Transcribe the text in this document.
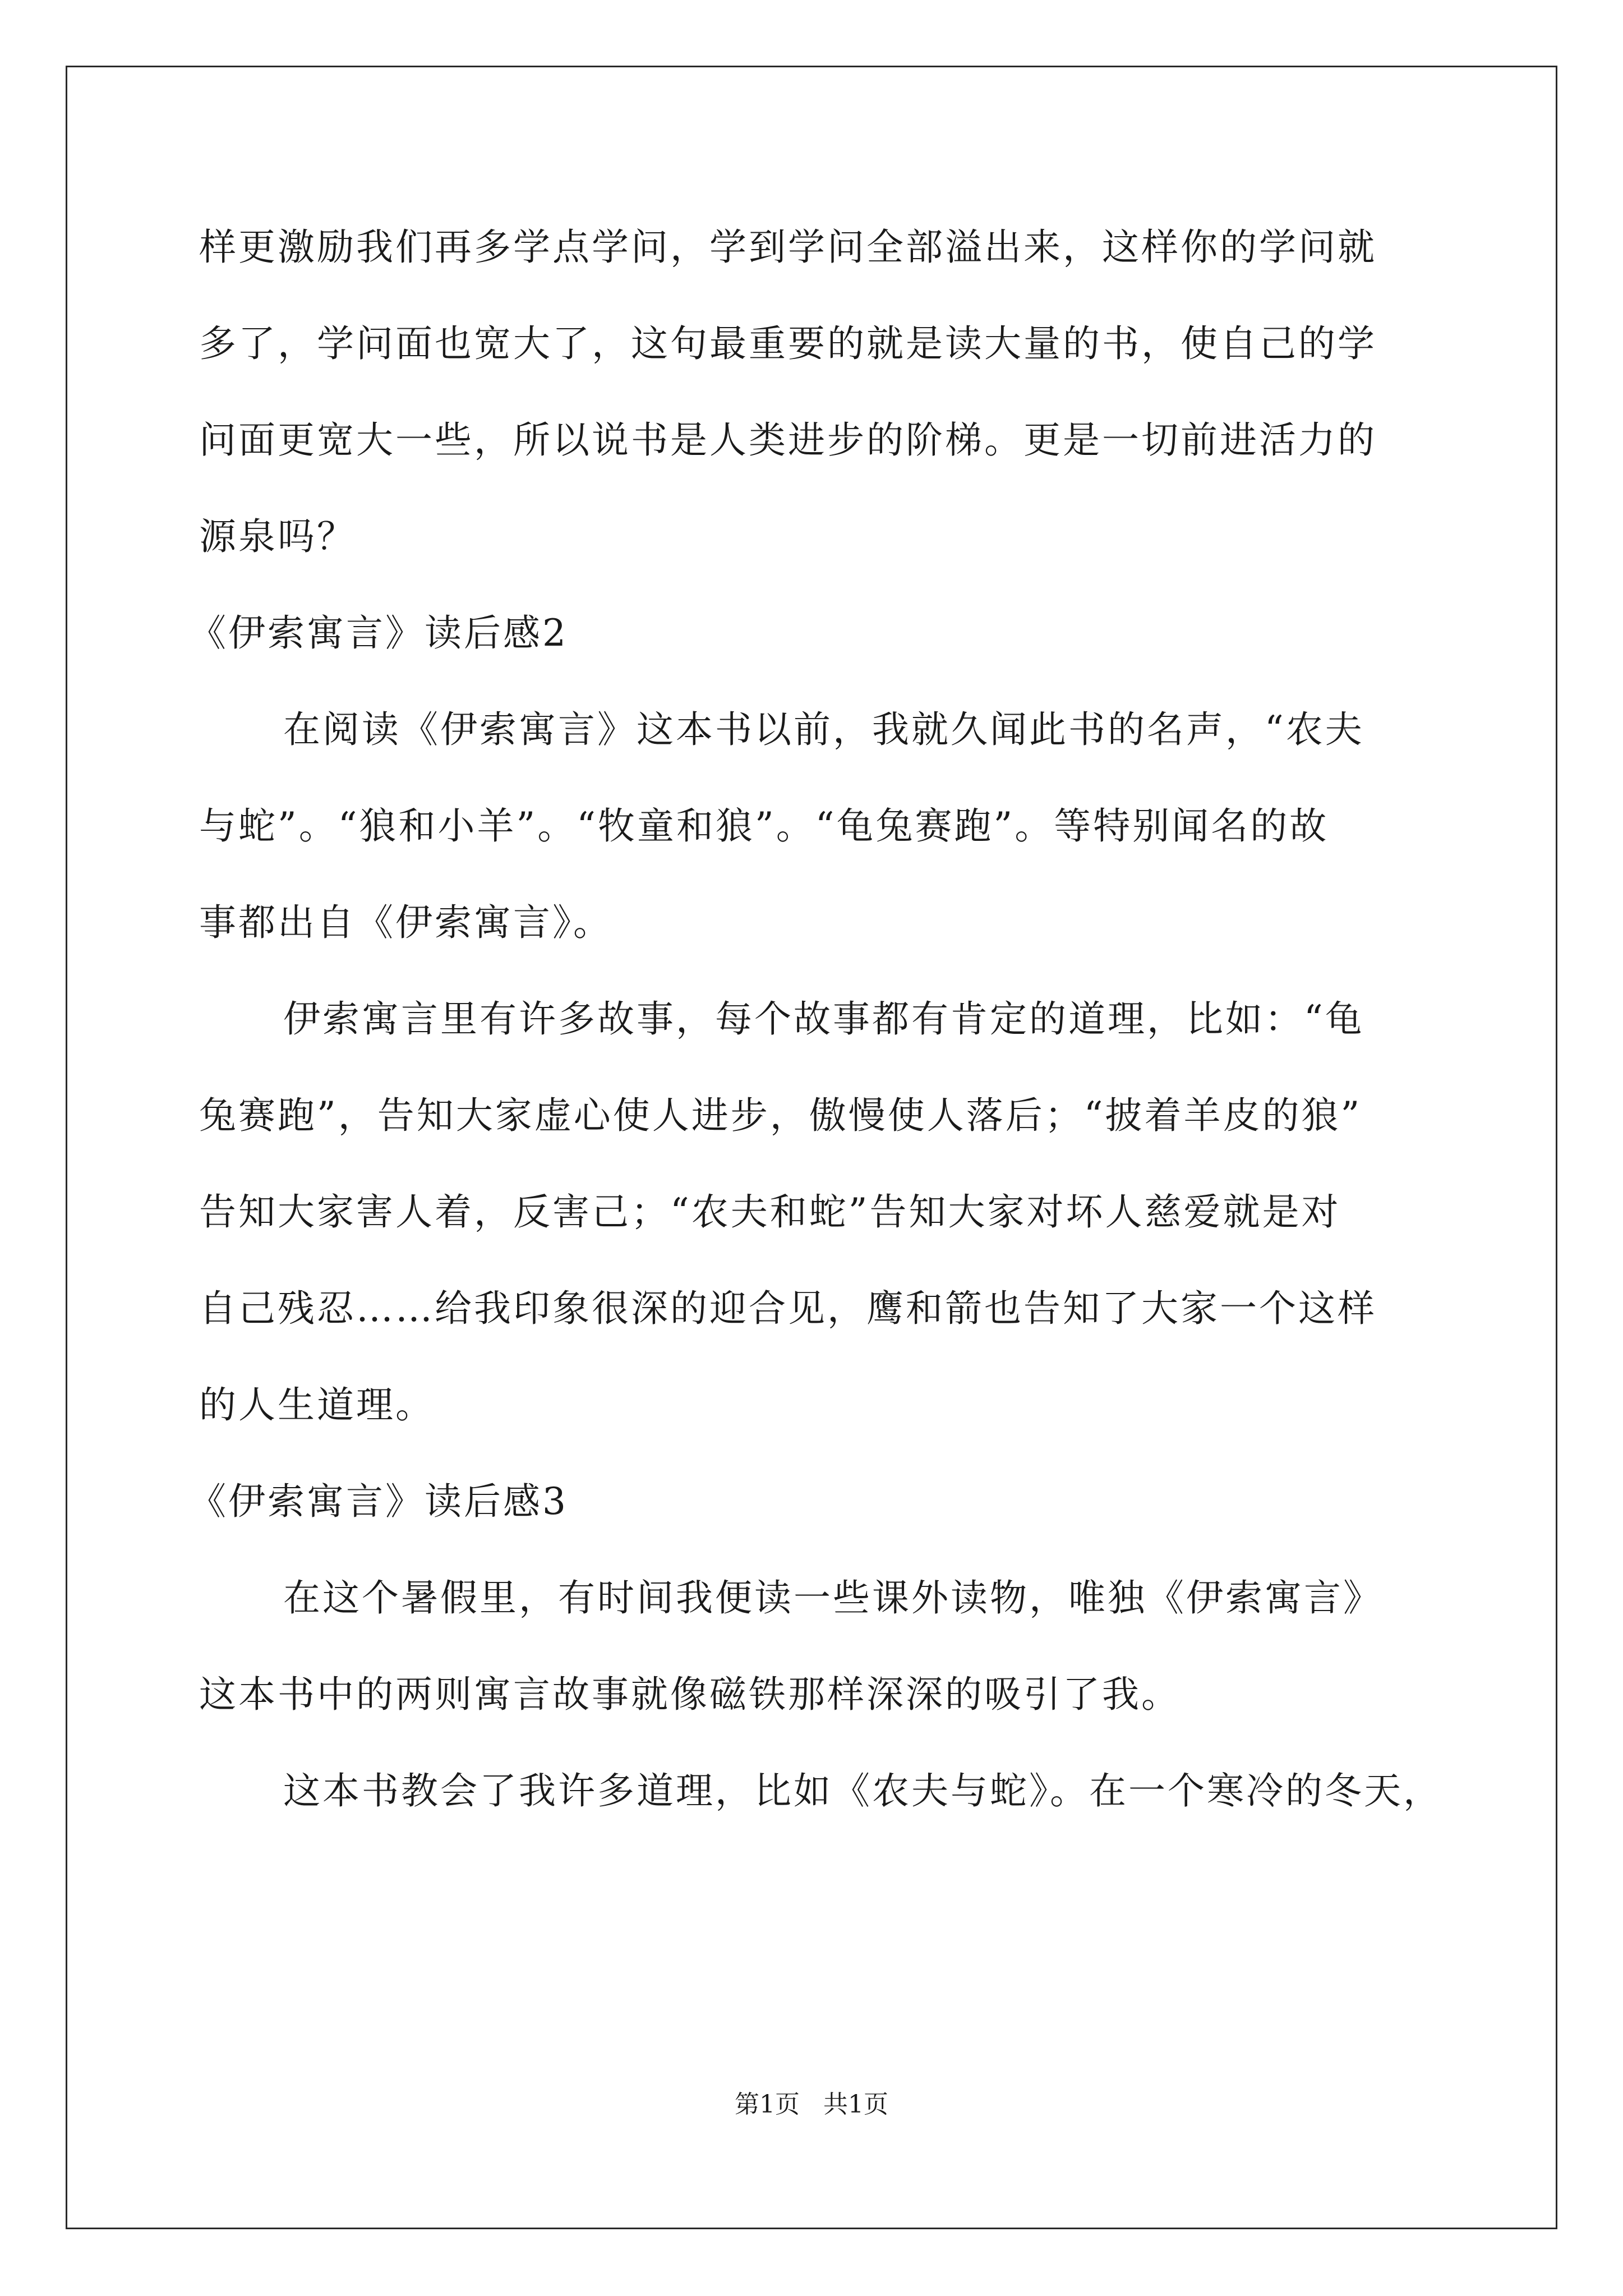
样更激励我们再多学点学问，学到学问全部溢出来，这样你的学问就
多了，学问面也宽大了，这句最重要的就是读大量的书，使自己的学
问面更宽大一些，所以说书是人类进步的阶梯。更是一切前进活力的
源泉吗？
《伊索寓言》读后感2
在阅读《伊索寓言》这本书以前，我就久闻此书的名声，“农夫
与蛇”。“狼和小羊”。“牧童和狼”。“龟兔赛跑”。等特别闻名的故
事都出自《伊索寓言》。
伊索寓言里有许多故事，每个故事都有肯定的道理，比如：“龟
兔赛跑”，告知大家虚心使人进步，傲慢使人落后；“披着羊皮的狼”
告知大家害人着，反害己；“农夫和蛇”告知大家对坏人慈爱就是对
自己残忍……给我印象很深的迎合见，鹰和箭也告知了大家一个这样
的人生道理。
《伊索寓言》读后感3
在这个暑假里，有时间我便读一些课外读物，唯独《伊索寓言》
这本书中的两则寓言故事就像磁铁那样深深的吸引了我。
这本书教会了我许多道理，比如《农夫与蛇》。在一个寒冷的冬天，
第1页 共1页
